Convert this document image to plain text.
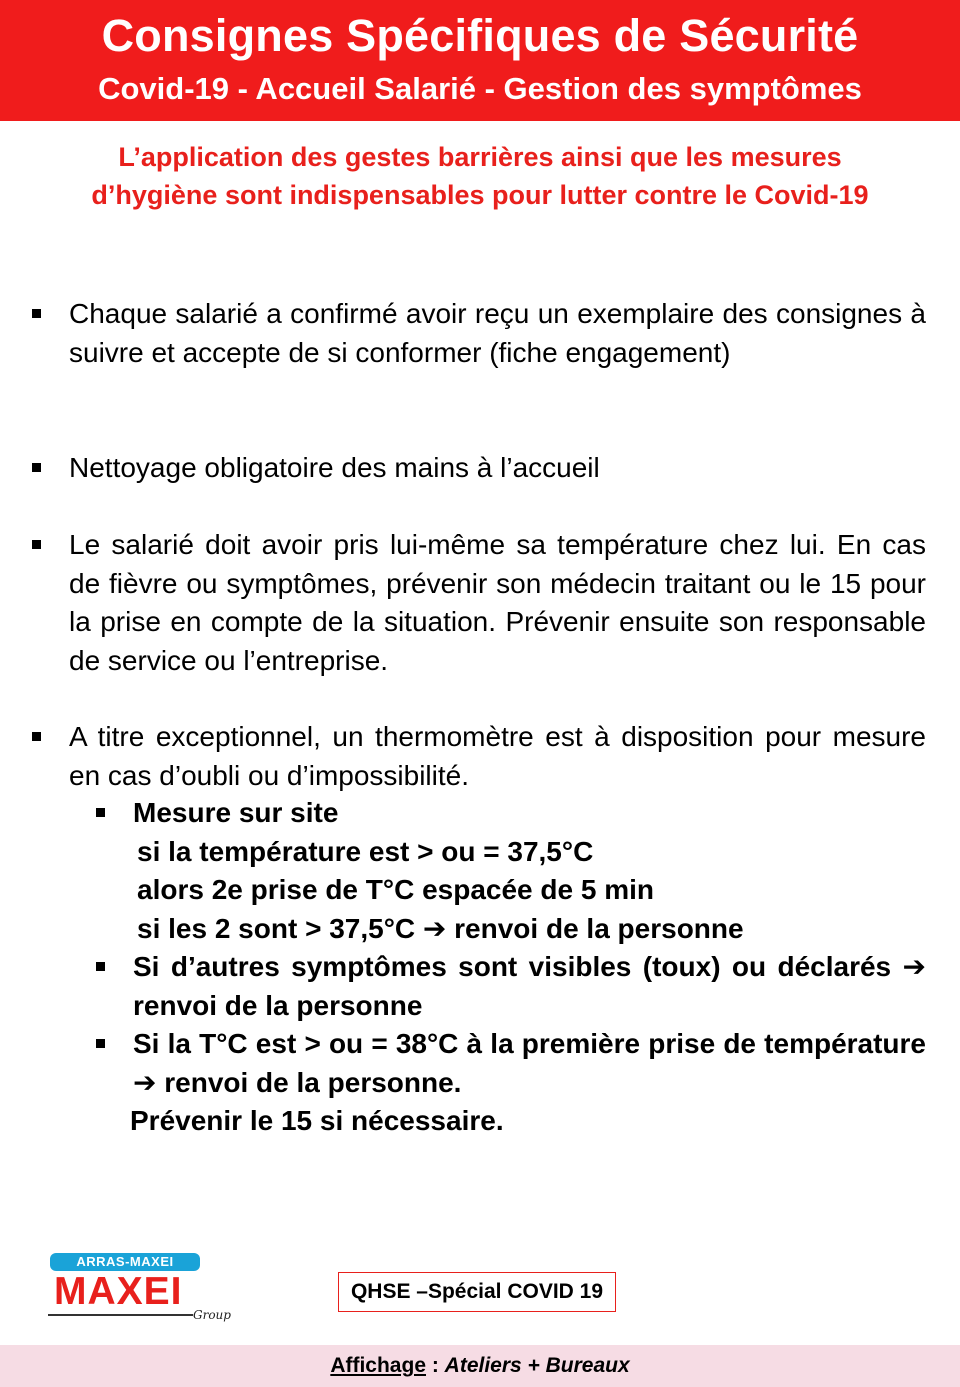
Consignes Spécifiques de Sécurité
Covid-19 - Accueil Salarié - Gestion des symptômes
L’application des gestes barrières ainsi que les mesures
d’hygiène sont indispensables pour lutter contre le Covid-19
Chaque salarié a confirmé avoir reçu un exemplaire des consignes à suivre et accepte de si conformer (fiche engagement)
Nettoyage obligatoire des mains à l’accueil
Le salarié doit avoir pris lui-même sa température chez lui. En cas de fièvre ou symptômes, prévenir son médecin traitant ou le 15 pour la prise en compte de la situation. Prévenir ensuite son responsable de service ou l’entreprise.
A titre exceptionnel, un thermomètre est à disposition pour mesure en cas d’oubli ou d’impossibilité.
Mesure sur site
si la température est > ou = 37,5°C
alors 2e prise de T°C espacée de 5 min
si les 2 sont > 37,5°C ➔ renvoi de la personne
Si d’autres symptômes sont visibles (toux) ou déclarés ➔ renvoi de la personne
Si la T°C est > ou = 38°C à la première prise de température ➔ renvoi de la personne.
Prévenir le 15 si nécessaire.
ARRAS-MAXEI
MAXEI
Group
QHSE –Spécial COVID 19
Affichage : Ateliers + Bureaux
